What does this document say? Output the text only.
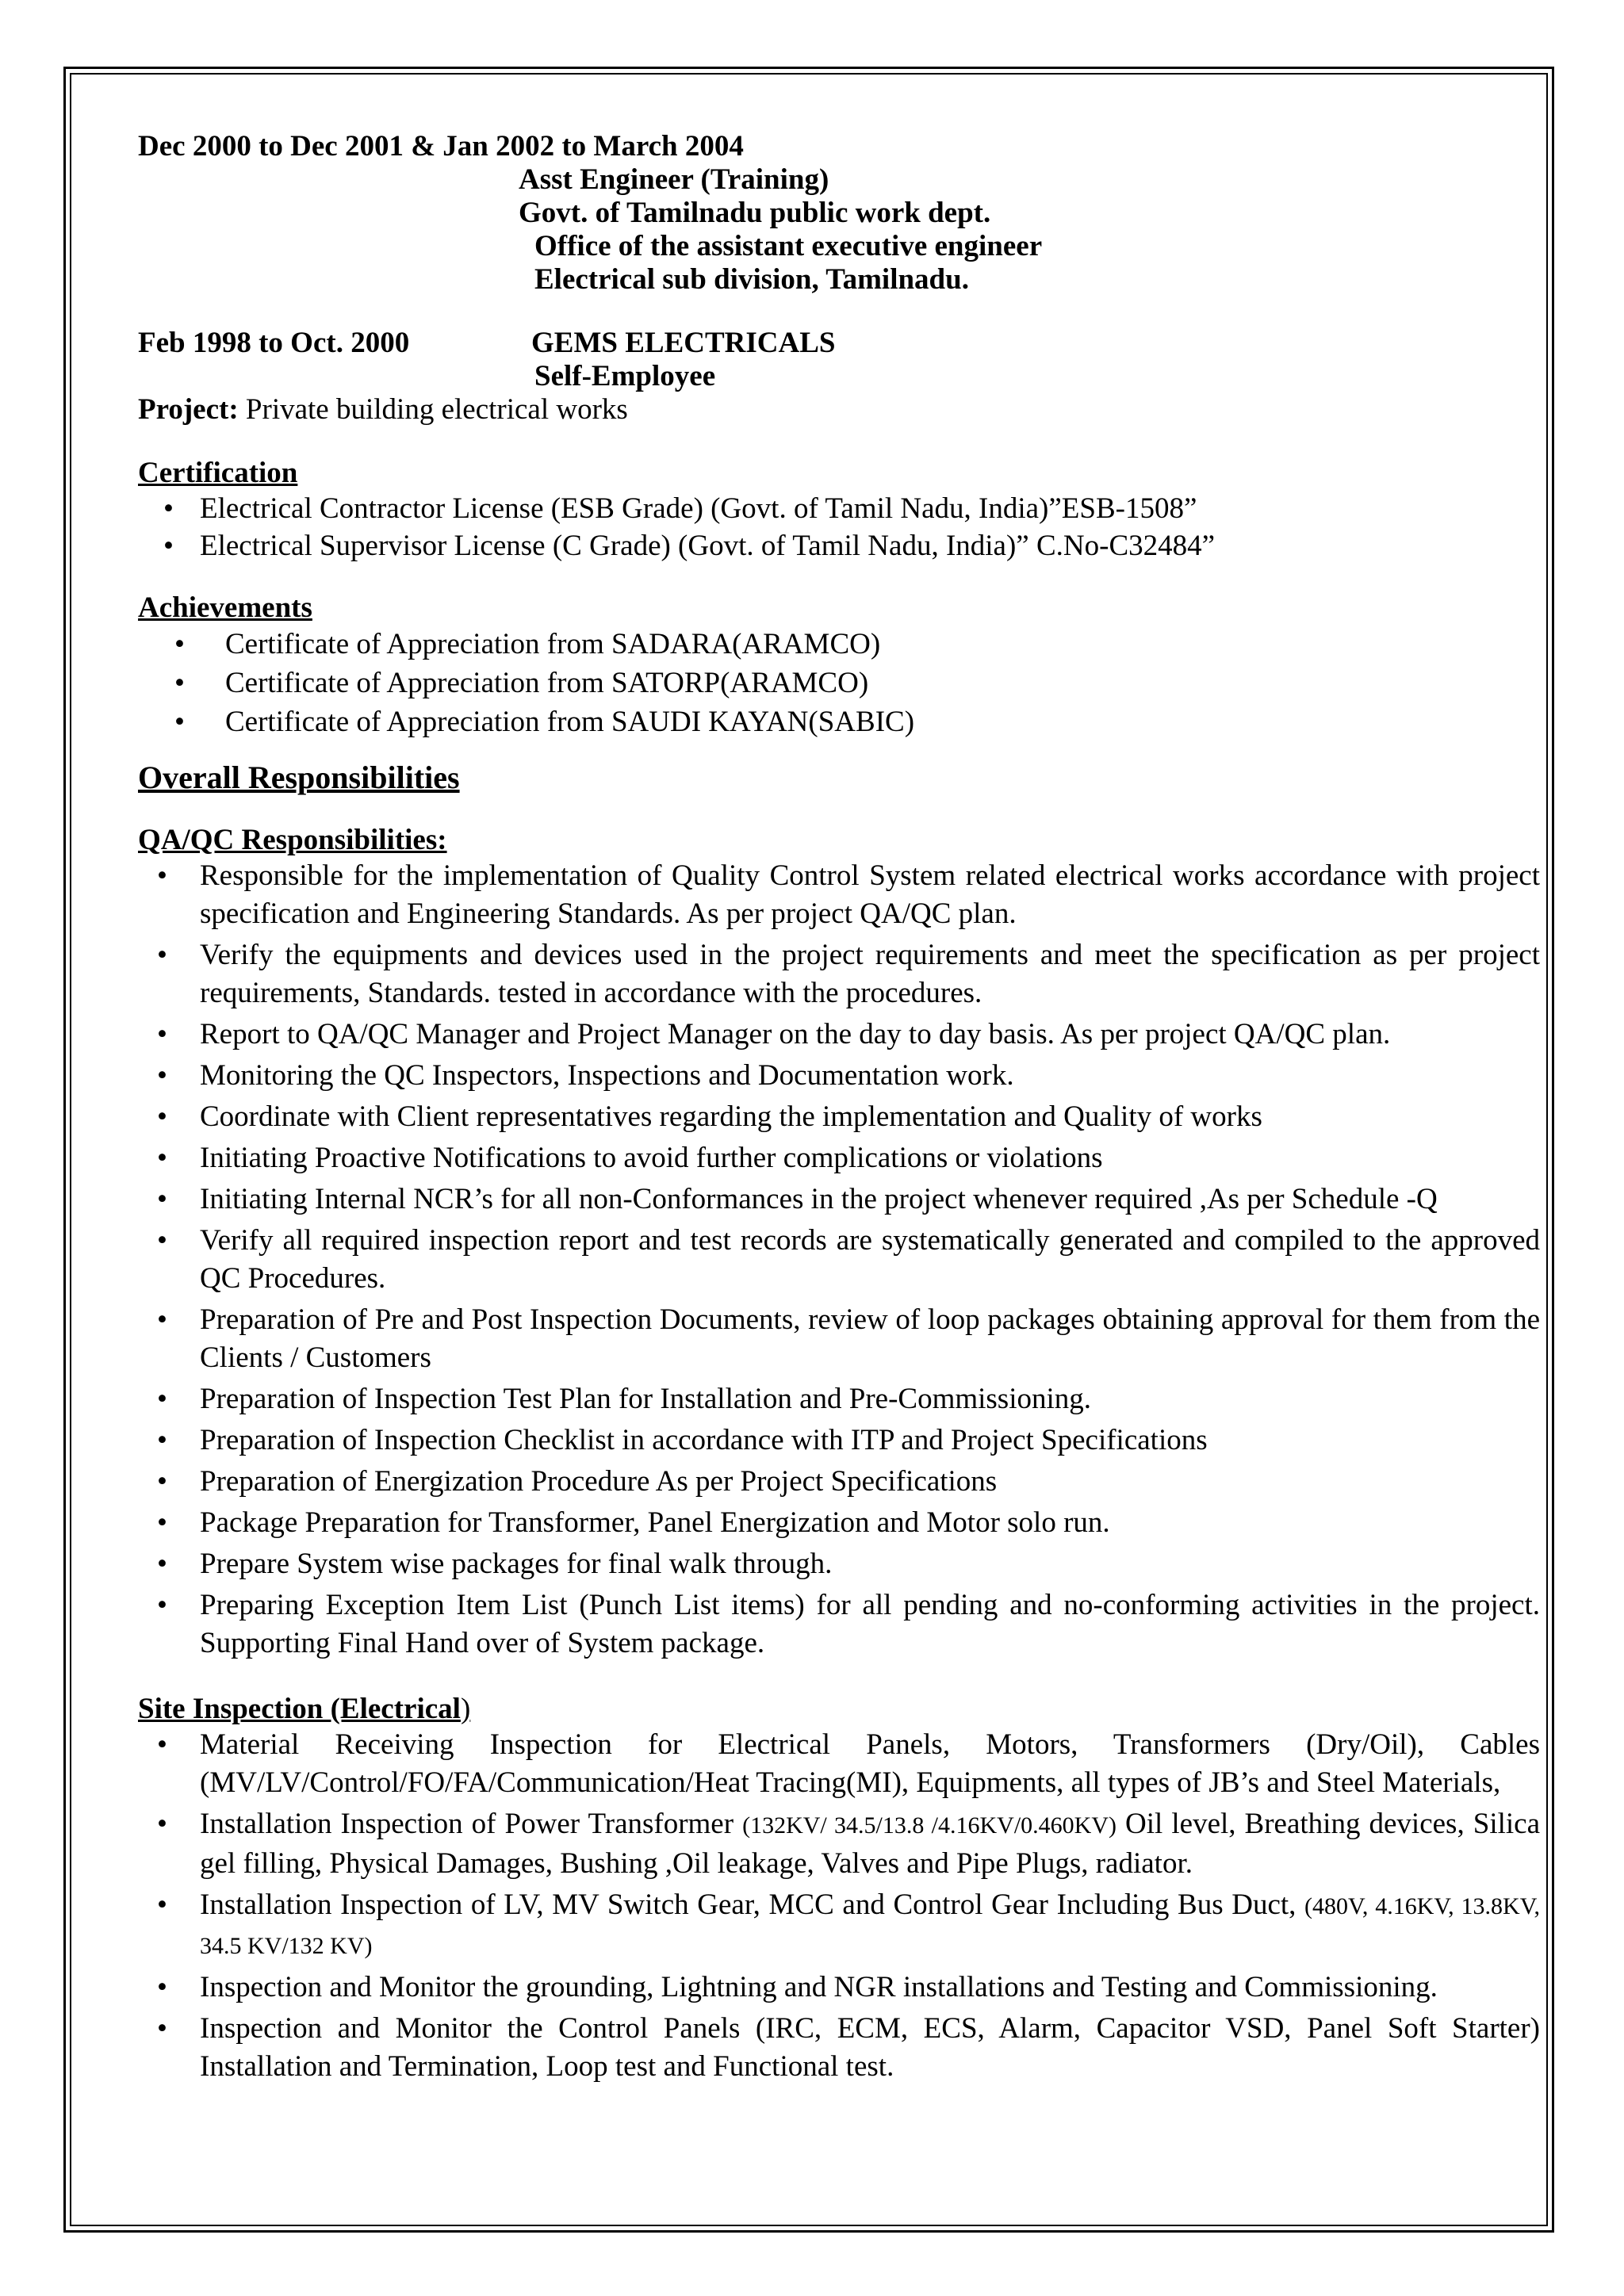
Dec 2000 to Dec 2001 & Jan 2002 to March 2004
Asst Engineer (Training)
Govt. of Tamilnadu public work dept.
Office of the assistant executive engineer
Electrical sub division, Tamilnadu.
Feb 1998 to Oct. 2000	GEMS ELECTRICALS
Self-Employee
Project: Private building electrical works
Certification
• Electrical Contractor License (ESB Grade) (Govt. of Tamil Nadu, India)”ESB-1508”
• Electrical Supervisor License (C Grade) (Govt. of Tamil Nadu, India)” C.No-C32484”
Achievements
• Certificate of Appreciation from SADARA(ARAMCO)
• Certificate of Appreciation from SATORP(ARAMCO)
• Certificate of Appreciation from SAUDI KAYAN(SABIC)
Overall Responsibilities
QA/QC Responsibilities:
• Responsible for the implementation of Quality Control System related electrical works accordance with project specification and Engineering Standards. As per project QA/QC plan.
• Verify the equipments and devices used in the project requirements and meet the specification as per project requirements, Standards. tested in accordance with the procedures.
• Report to QA/QC Manager and Project Manager on the day to day basis. As per project QA/QC plan.
• Monitoring the QC Inspectors, Inspections and Documentation work.
• Coordinate with Client representatives regarding the implementation and Quality of works
• Initiating Proactive Notifications to avoid further complications or violations
• Initiating Internal NCR’s for all non-Conformances in the project whenever required ,As per Schedule -Q
• Verify all required inspection report and test records are systematically generated and compiled to the approved QC Procedures.
• Preparation of Pre and Post Inspection Documents, review of loop packages obtaining approval for them from the Clients / Customers
• Preparation of Inspection Test Plan for Installation and Pre-Commissioning.
• Preparation of Inspection Checklist in accordance with ITP and Project Specifications
• Preparation of Energization Procedure As per Project Specifications
• Package Preparation for Transformer, Panel Energization and Motor solo run.
• Prepare System wise packages for final walk through.
• Preparing Exception Item List (Punch List items) for all pending and no-conforming activities in the project. Supporting Final Hand over of System package.
Site Inspection (Electrical)
• Material Receiving Inspection for Electrical Panels, Motors, Transformers (Dry/Oil), Cables (MV/LV/Control/FO/FA/Communication/Heat Tracing(MI), Equipments, all types of JB’s and Steel Materials,
• Installation Inspection of Power Transformer (132KV/ 34.5/13.8 /4.16KV/0.460KV) Oil level, Breathing devices, Silica gel filling, Physical Damages, Bushing ,Oil leakage, Valves and Pipe Plugs, radiator.
• Installation Inspection of LV, MV Switch Gear, MCC and Control Gear Including Bus Duct, (480V, 4.16KV, 13.8KV, 34.5 KV/132 KV)
• Inspection and Monitor the grounding, Lightning and NGR installations and Testing and Commissioning.
• Inspection and Monitor the Control Panels (IRC, ECM, ECS, Alarm, Capacitor VSD, Panel Soft Starter) Installation and Termination, Loop test and Functional test.
